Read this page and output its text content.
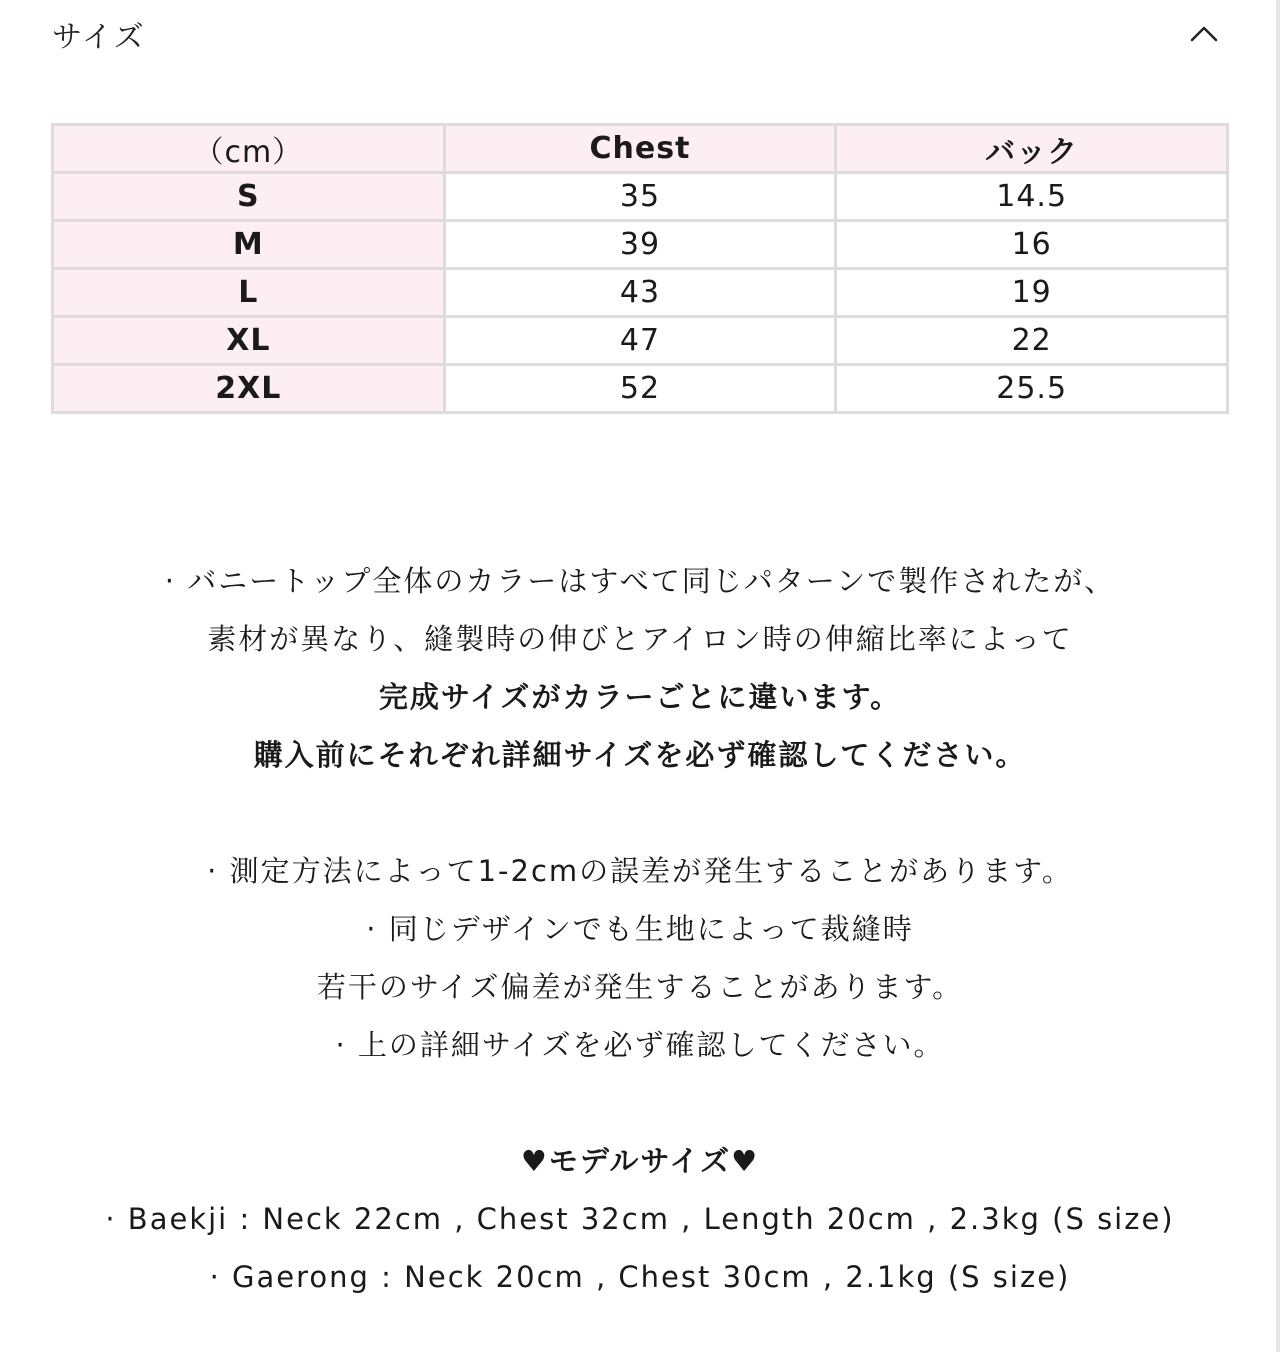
サイズ
（cm）	Chest	バック
S	35	14.5
M	39	16
L	43	19
XL	47	22
2XL	52	25.5
· バニートップ全体のカラーはすべて同じパターンで製作されたが、
素材が異なり、縫製時の伸びとアイロン時の伸縮比率によって
完成サイズがカラーごとに違います。
購入前にそれぞれ詳細サイズを必ず確認してください。
· 測定方法によって1-2cmの誤差が発生することがあります。
· 同じデザインでも生地によって裁縫時
若干のサイズ偏差が発生することがあります。
· 上の詳細サイズを必ず確認してください。
♥モデルサイズ♥
· Baekji : Neck 22cm , Chest 32cm , Length 20cm , 2.3kg (S size)
· Gaerong : Neck 20cm , Chest 30cm , 2.1kg (S size)
